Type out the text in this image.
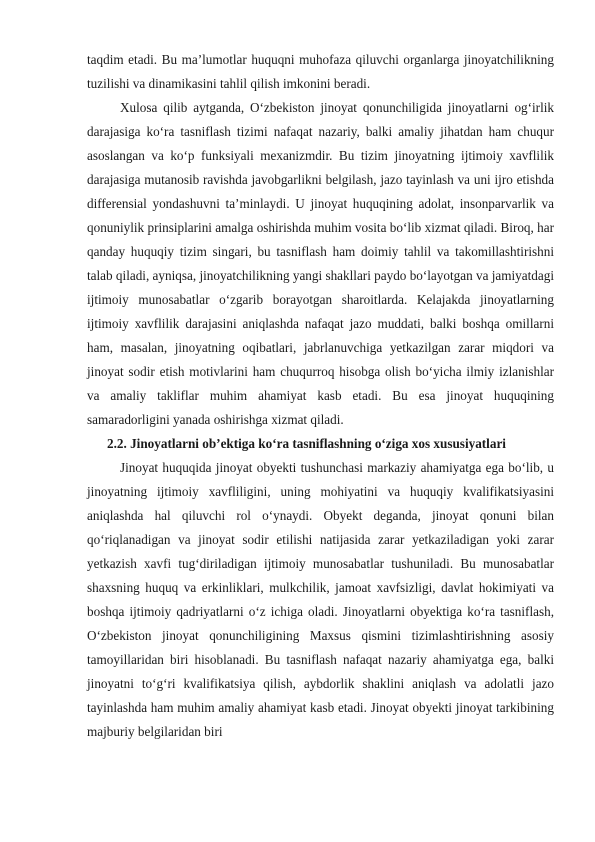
taqdim etadi. Bu ma’lumotlar huquqni muhofaza qiluvchi organlarga jinoyatchilikning tuzilishi va dinamikasini tahlil qilish imkonini beradi.

Xulosa qilib aytganda, O‘zbekiston jinoyat qonunchiligida jinoyatlarni og‘irlik darajasiga ko‘ra tasniflash tizimi nafaqat nazariy, balki amaliy jihatdan ham chuqur asoslangan va ko‘p funksiyali mexanizmdir. Bu tizim jinoyatning ijtimoiy xavflilik darajasiga mutanosib ravishda javobgarlikni belgilash, jazo tayinlash va uni ijro etishda differensial yondashuvni ta’minlaydi. U jinoyat huquqining adolat, insonparvarlik va qonuniylik prinsiplarini amalga oshirishda muhim vosita bo‘lib xizmat qiladi. Biroq, har qanday huquqiy tizim singari, bu tasniflash ham doimiy tahlil va takomillashtirishni talab qiladi, ayniqsa, jinoyatchilikning yangi shakllari paydo bo‘layotgan va jamiyatdagi ijtimoiy munosabatlar o‘zgarib borayotgan sharoitlarda. Kelajakda jinoyatlarning ijtimoiy xavflilik darajasini aniqlashda nafaqat jazo muddati, balki boshqa omillarni ham, masalan, jinoyatning oqibatlari, jabrlanuvchiga yetkazilgan zarar miqdori va jinoyat sodir etish motivlarini ham chuqurroq hisobga olish bo‘yicha ilmiy izlanishlar va amaliy takliflar muhim ahamiyat kasb etadi. Bu esa jinoyat huquqining samaradorligini yanada oshirishga xizmat qiladi.

2.2. Jinoyatlarni ob’ektiga ko‘ra tasniflashning o‘ziga xos xususiyatlari

Jinoyat huquqida jinoyat obyekti tushunchasi markaziy ahamiyatga ega bo‘lib, u jinoyatning ijtimoiy xavfliligini, uning mohiyatini va huquqiy kvalifikatsiyasini aniqlashda hal qiluvchi rol o‘ynaydi. Obyekt deganda, jinoyat qonuni bilan qo‘riqlanadigan va jinoyat sodir etilishi natijasida zarar yetkaziladigan yoki zarar yetkazish xavfi tug‘diriladigan ijtimoiy munosabatlar tushuniladi. Bu munosabatlar shaxsning huquq va erkinliklari, mulkchilik, jamoat xavfsizligi, davlat hokimiyati va boshqa ijtimoiy qadriyatlarni o‘z ichiga oladi. Jinoyatlarni obyektiga ko‘ra tasniflash, O‘zbekiston jinoyat qonunchiligining Maxsus qismini tizimlashtirishning asosiy tamoyillaridan biri hisoblanadi. Bu tasniflash nafaqat nazariy ahamiyatga ega, balki jinoyatni to‘g‘ri kvalifikatsiya qilish, aybdorlik shaklini aniqlash va adolatli jazo tayinlashda ham muhim amaliy ahamiyat kasb etadi. Jinoyat obyekti jinoyat tarkibining majburiy belgilaridan biri
